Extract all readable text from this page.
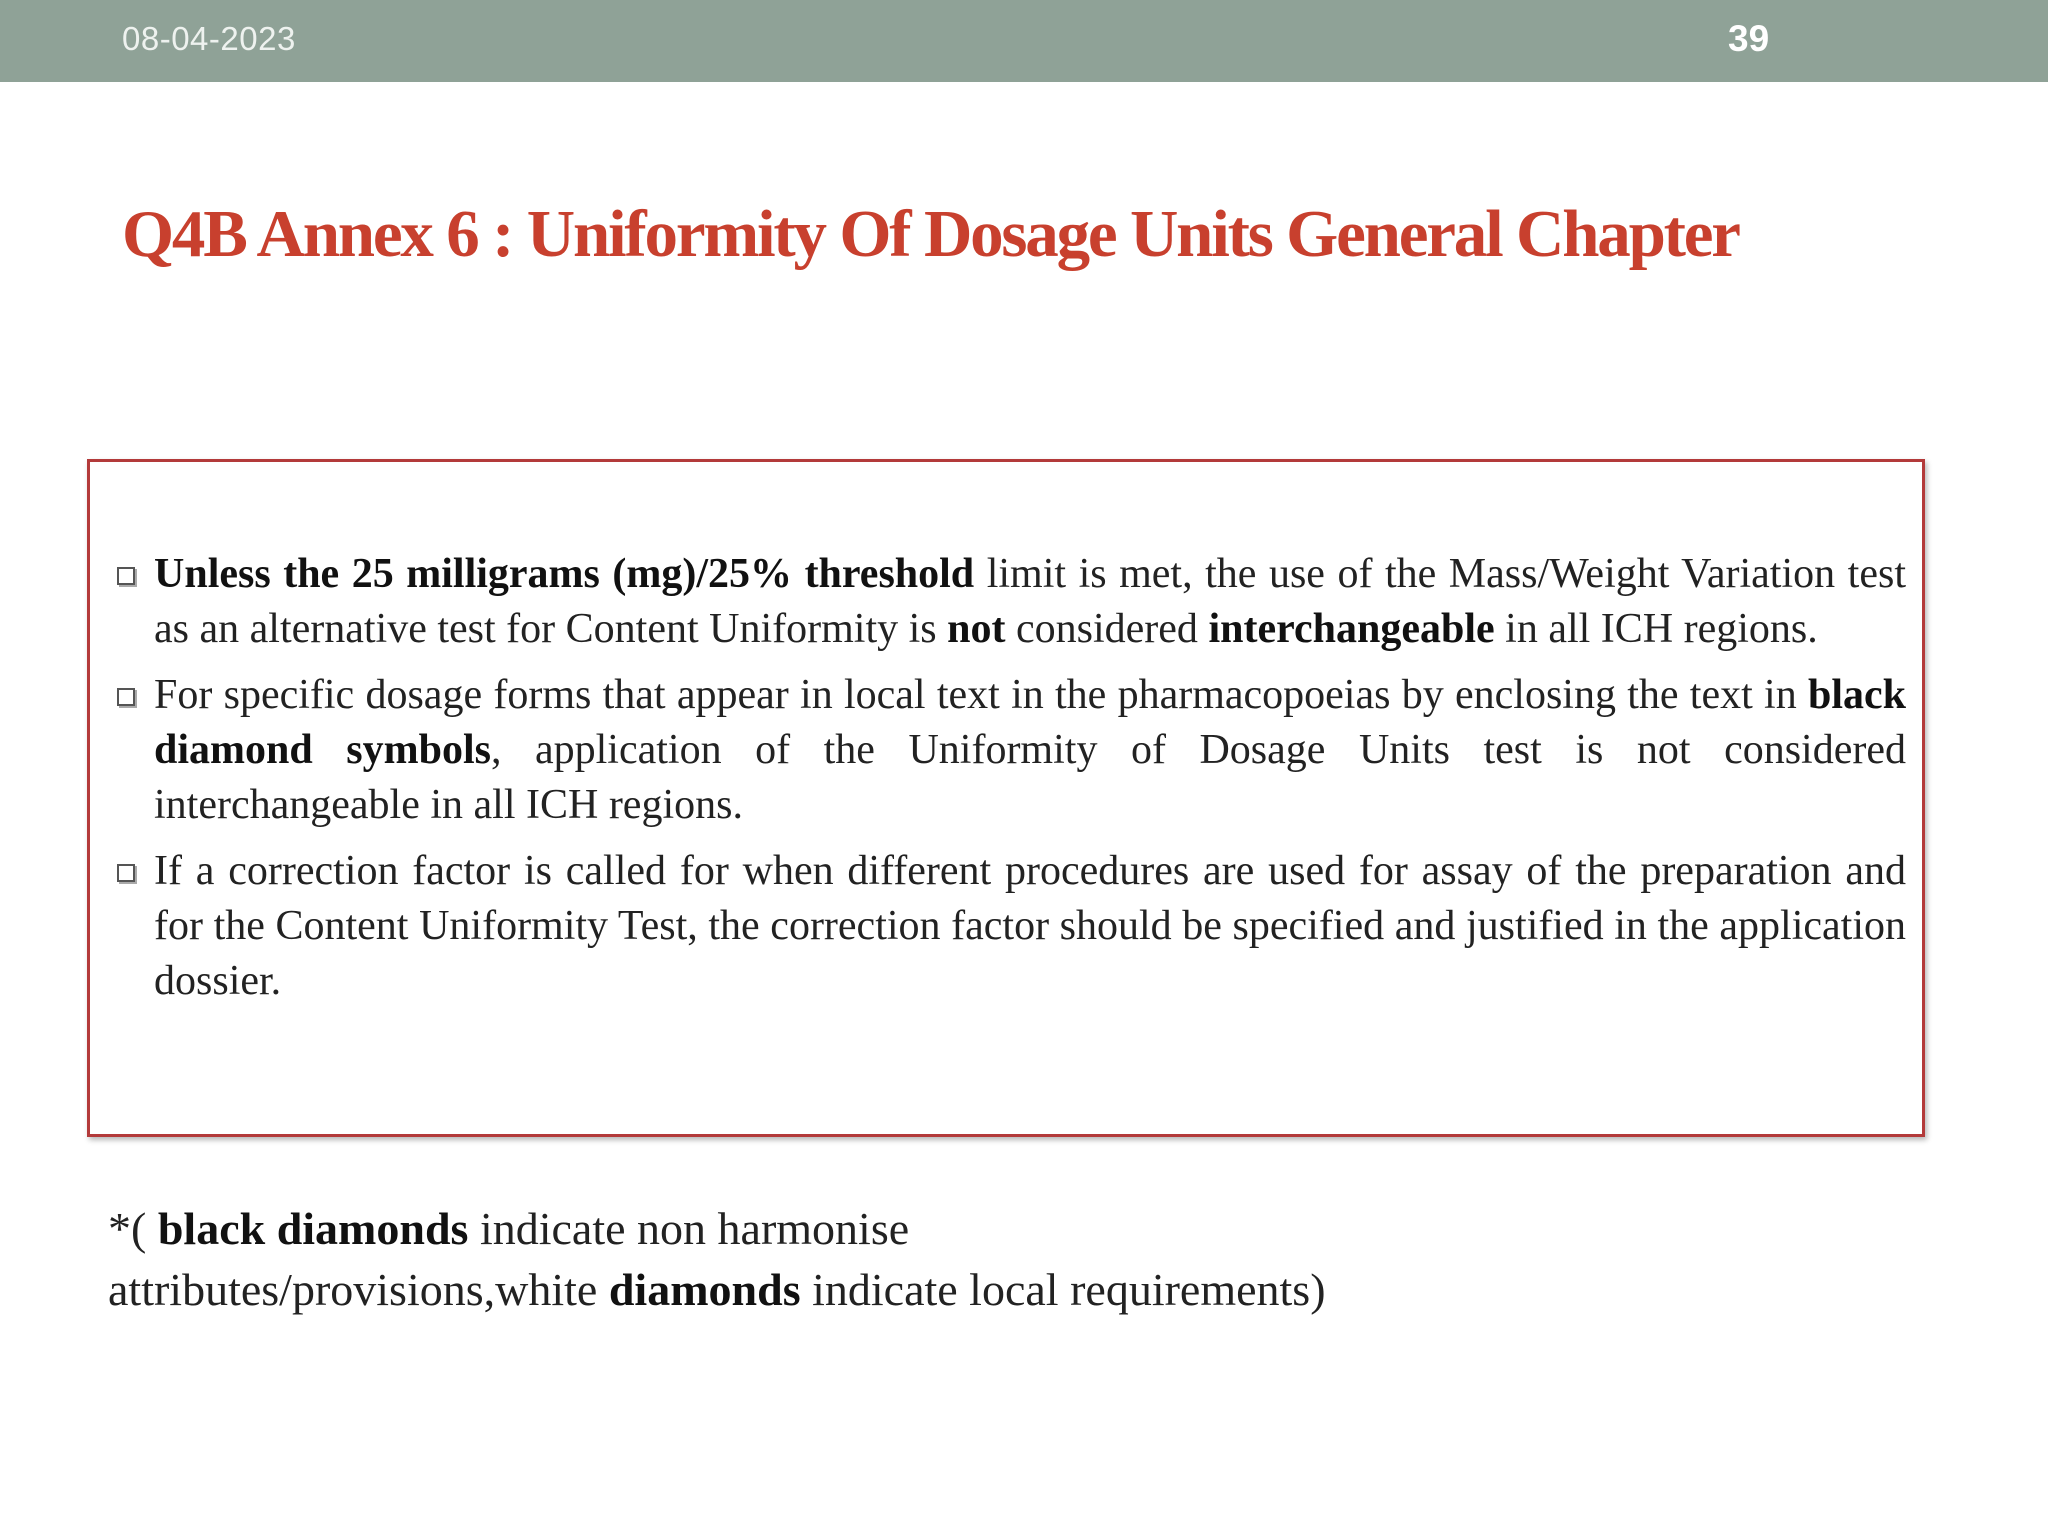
08-04-2023	39
Q4B Annex 6 : Uniformity Of Dosage Units General Chapter
Unless the 25 milligrams (mg)/25% threshold limit is met, the use of the Mass/Weight Variation test as an alternative test for Content Uniformity is not considered interchangeable in all ICH regions.
For specific dosage forms that appear in local text in the pharmacopoeias by enclosing the text in black diamond symbols, application of the Uniformity of Dosage Units test is not considered interchangeable in all ICH regions.
If a correction factor is called for when different procedures are used for assay of the preparation and for the Content Uniformity Test, the correction factor should be specified and justified in the application dossier.

*( black diamonds indicate non harmonise
attributes/provisions,white diamonds indicate local requirements)
